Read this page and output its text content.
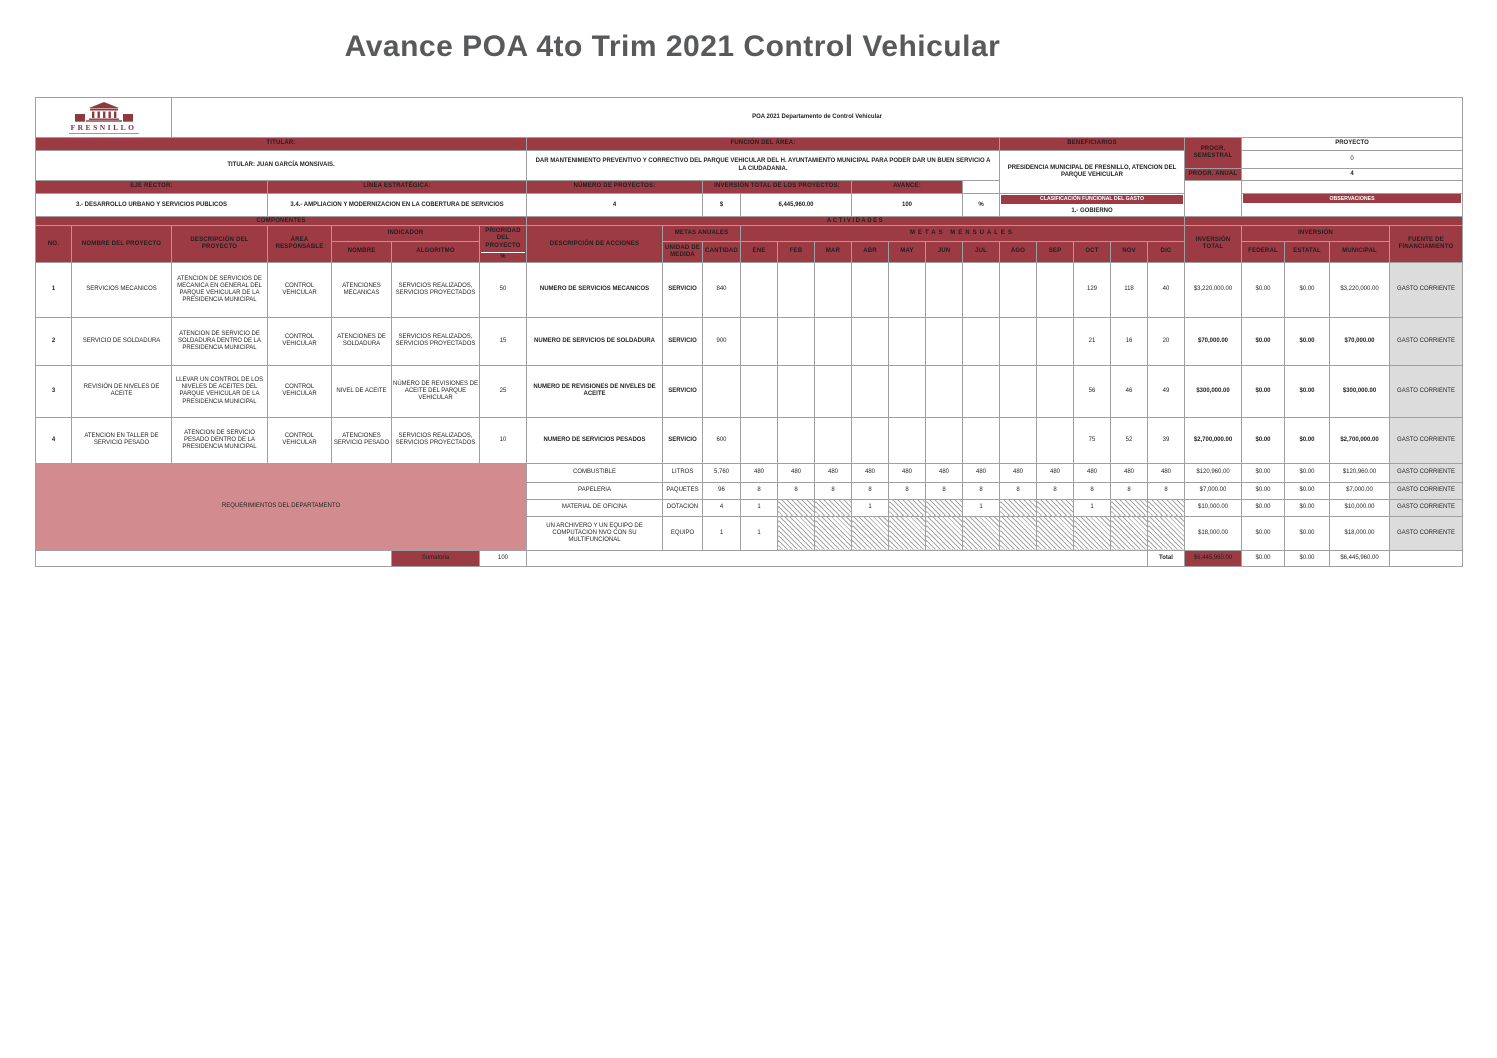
Avance POA 4to Trim 2021 Control Vehicular
FRESNILLO		POA 2021 Departamento de Control Vehicular																								
TITULAR:							FUNCIÓN DEL ÁREA:										BENEFICIARIOS					PROGR. SEMESTRAL	PROYECTO			
TITULAR: JUAN GARCÍA MONSIVAIS.							DAR MANTENIMIENTO PREVENTIVO Y CORRECTIVO DEL PARQUE VEHICULAR DEL H. AYUNTAMIENTO MUNICIPAL PARA PODER DAR UN BUEN SERVICIO A LA CIUDADANIA.										PRESIDENCIA MUNICIPAL DE FRESNILLO, ATENCION DEL PARQUE VEHICULAR						0			
																						PROGR. ANUAL	4			
EJE RECTOR:			LÍNEA ESTRATÉGICA:				NÚMERO DE PROYECTOS:		INVERSIÓN TOTAL DE LOS PROYECTOS:				AVANCE:													
3.- DESARROLLO URBANO Y SERVICIOS PUBLICOS			3.4.- AMPLIACION Y MODERNIZACION EN LA COBERTURA DE SERVICIOS				4		$	6,445,960.00			100			%	CLASIFICACIÓN FUNCIONAL DEL GASTO
1.- GOBIERNO						OBSERVACIONES			

COMPONENTES							ACTIVIDADES																			
NO.	NOMBRE DEL PROYECTO	DESCRIPCIÓN DEL PROYECTO	ÁREA RESPONSABLE	INDICADOR		PRIORIDAD DEL PROYECTO
%	DESCRIPCIÓN DE ACCIONES	METAS ANUALES		METAS MENSUALES												INVERSIÓN TOTAL	INVERSIÓN			FUENTE DE FINANCIAMIENTO
				NOMBRE	ALGORITMO			UNIDAD DE MEDIDA	CANTIDAD	ENE	FEB	MAR	ABR	MAY	JUN	JUL	AGO	SEP	OCT	NOV	DIC		FEDERAL	ESTATAL	MUNICIPAL	
1	SERVICIOS MECANICOS	ATENCION DE SERVICIOS DE MECANICA EN GENERAL DEL PARQUE VEHICULAR DE LA PRESIDENCIA MUNICIPAL	CONTROL VEHICULAR	ATENCIONES MECANICAS	SERVICIOS REALIZADOS, SERVICIOS PROYECTADOS	50	NUMERO DE SERVICIOS MECANICOS	SERVICIO	840										129	118	40	$3,220,000.00	$0.00	$0.00	$3,220,000.00	GASTO CORRIENTE
2	SERVICIO DE SOLDADURA	ATENCION DE SERVICIO DE SOLDADURA DENTRO DE LA PRESIDENCIA MUNICIPAL	CONTROL VEHICULAR	ATENCIONES DE SOLDADURA	SERVICIOS REALIZADOS, SERVICIOS PROYECTADOS	15	NUMERO DE SERVICIOS DE SOLDADURA	SERVICIO	900										21	16	20	$70,000.00	$0.00	$0.00	$70,000.00	GASTO CORRIENTE
3	REVISIÓN DE NIVELES DE ACEITE	LLEVAR UN CONTROL DE LOS NIVELES DE ACEITES DEL PARQUE VEHICULAR DE LA PRESIDENCIA MUNICIPAL	CONTROL VEHICULAR	NIVEL DE ACEITE	NÚMERO DE REVISIONES DE ACEITE DEL PARQUE VEHICULAR	25	NUMERO DE REVISIONES DE NIVELES DE ACEITE	SERVICIO											56	46	49	$300,000.00	$0.00	$0.00	$300,000.00	GASTO CORRIENTE
4	ATENCION EN TALLER DE SERVICIO PESADO	ATENCION DE SERVICIO PESADO DENTRO DE LA PRESIDENCIA MUNICIPAL	CONTROL VEHICULAR	ATENCIONES SERVICIO PESADO	SERVICIOS REALIZADOS, SERVICIOS PROYECTADOS	10	NUMERO DE SERVICIOS PESADOS	SERVICIO	600										75	52	39	$2,700,000.00	$0.00	$0.00	$2,700,000.00	GASTO CORRIENTE
REQUERIMIENTOS DEL DEPARTAMENTO							COMBUSTIBLE	LITROS	5,760	480	480	480	480	480	480	480	480	480	480	480	480	$120,960.00	$0.00	$0.00	$120,960.00	GASTO CORRIENTE
							PAPELERIA	PAQUETES	96	8	8	8	8	8	8	8	8	8	8	8	8	$7,000.00	$0.00	$0.00	$7,000.00	GASTO CORRIENTE
							MATERIAL DE OFICINA	DOTACION	4	1			1			1			1			$10,000.00	$0.00	$0.00	$10,000.00	GASTO CORRIENTE
							UN ARCHIVERO Y UN EQUIPO DE COMPUTACION NVO CON SU MULTIFUNCIONAL	EQUIPO	1	1												$18,000.00	$0.00	$0.00	$18,000.00	GASTO CORRIENTE
					Sumatoria	100															Total	$6,445,960.00	$0.00	$0.00	$6,445,960.00	
